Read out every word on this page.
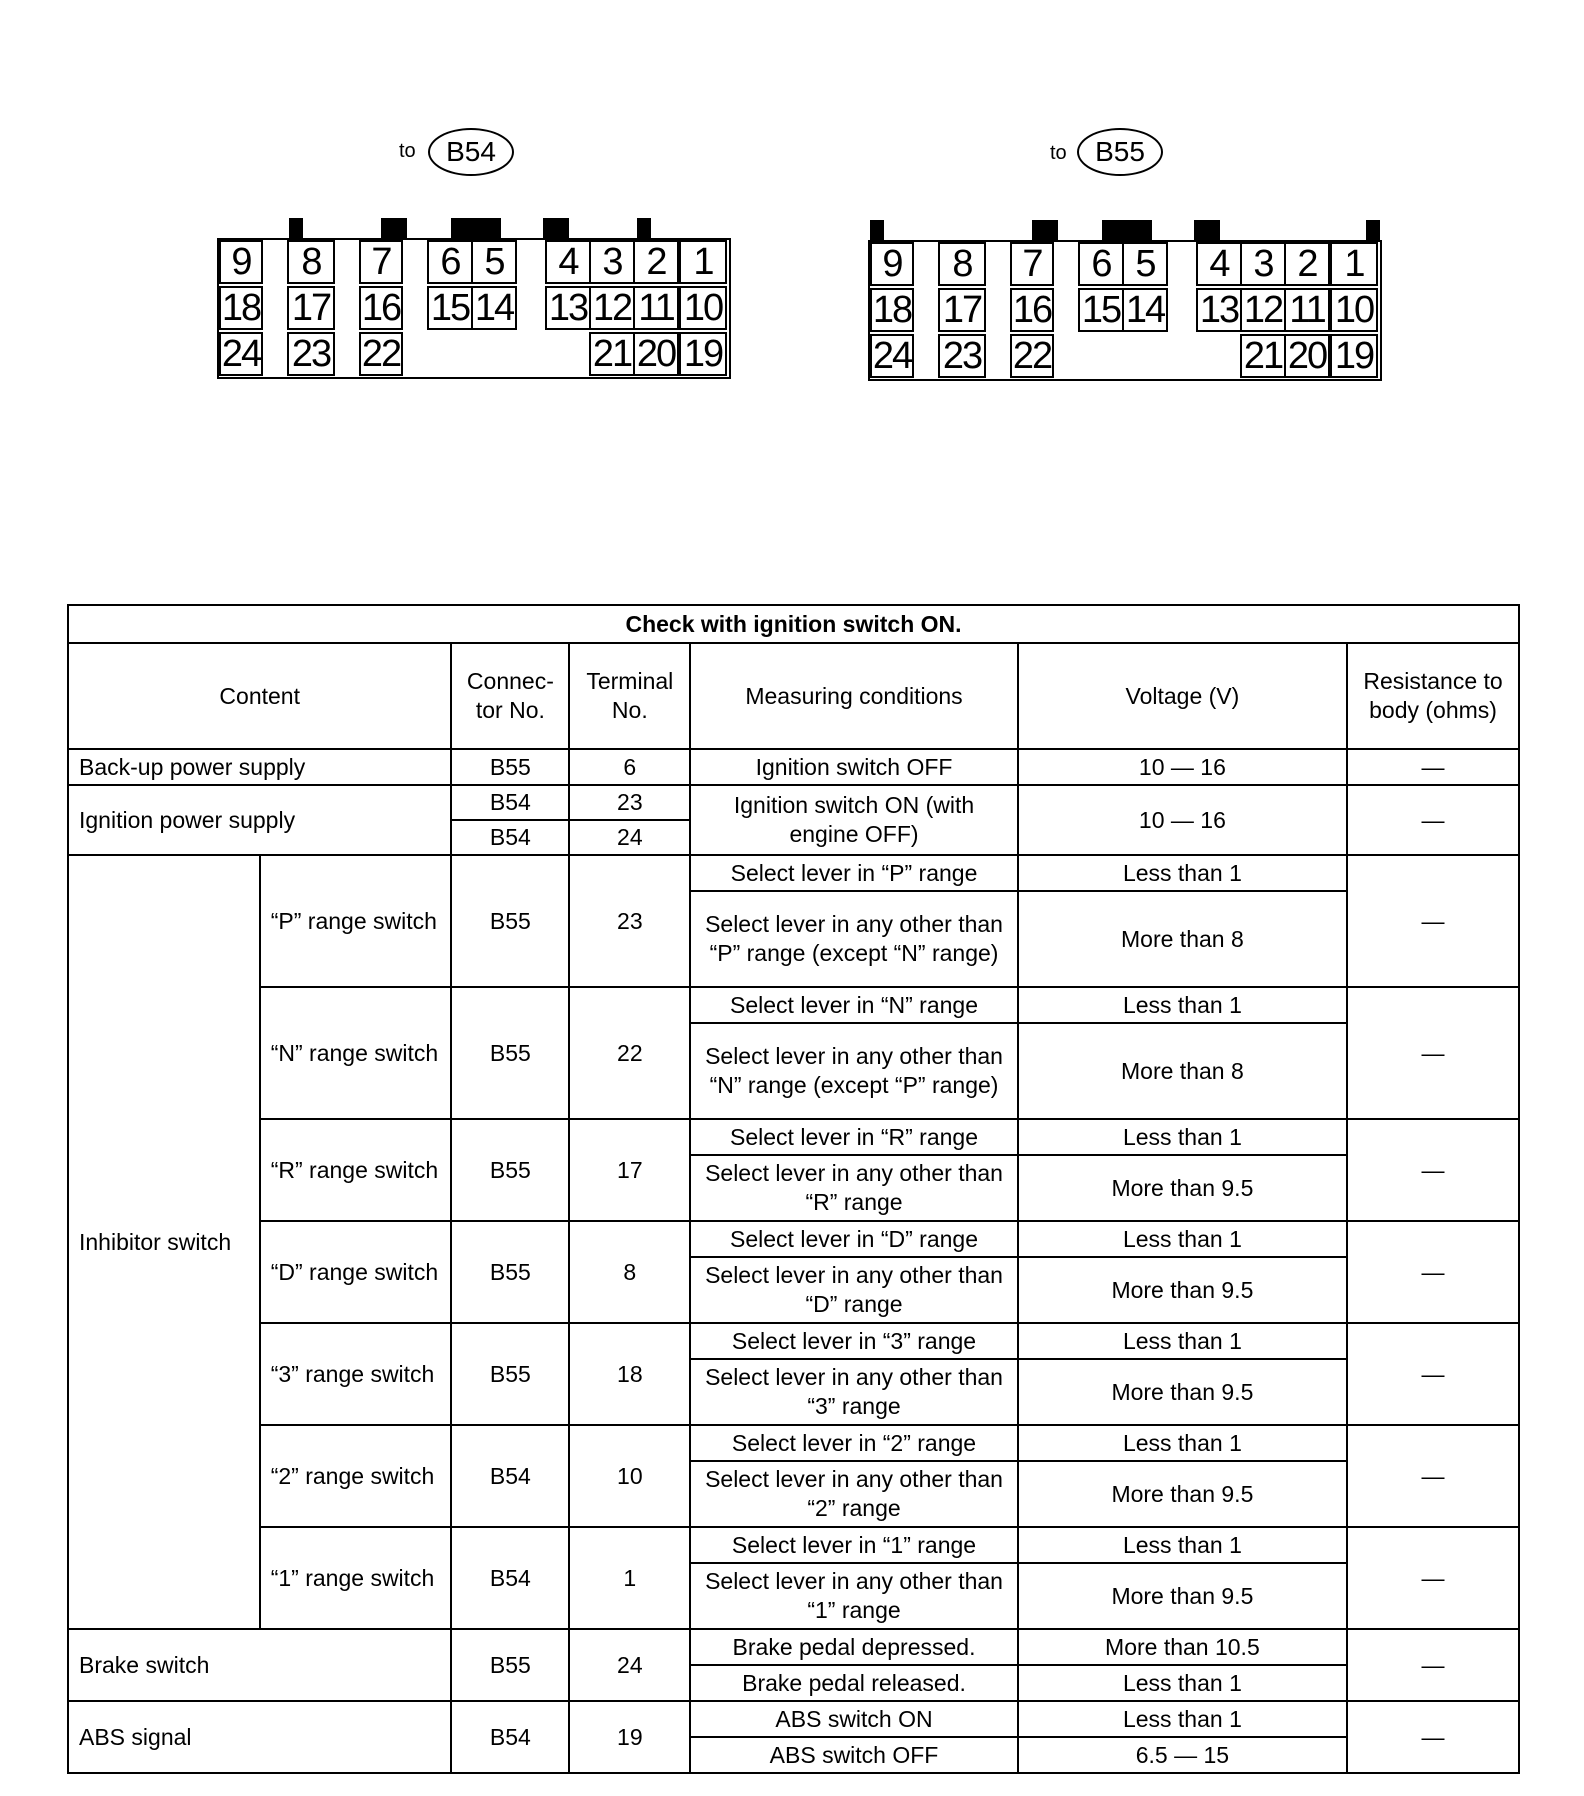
to	B54
9	8	7	6 5	4 3 2 1
18 17 16 15 14 13 12 11 10
24 23 22	21 20 19
to	B55
9	8	7	6 5	4 3 2 1
18 17 16 15 14 13 12 11 10
24 23 22	21 20 19
Check with ignition switch ON.						
Content		Connec- tor No.	Terminal No.	Measuring conditions	Voltage (V)	Resistance to body (ohms)
Back-up power supply		B55	6	Ignition switch OFF	10 — 16	—
Ignition power supply		B54	23	Ignition switch ON (with engine OFF)	10 — 16	—
		B54	24			
Inhibitor switch	“P” range switch	B55	23	Select lever in “P” range	Less than 1	—
				Select lever in any other than “P” range (except “N” range)	More than 8	
	“N” range switch	B55	22	Select lever in “N” range	Less than 1	—
				Select lever in any other than “N” range (except “P” range)	More than 8	
	“R” range switch	B55	17	Select lever in “R” range	Less than 1	—
				Select lever in any other than “R” range	More than 9.5	
	“D” range switch	B55	8	Select lever in “D” range	Less than 1	—
				Select lever in any other than “D” range	More than 9.5	
	“3” range switch	B55	18	Select lever in “3” range	Less than 1	—
				Select lever in any other than “3” range	More than 9.5	
	“2” range switch	B54	10	Select lever in “2” range	Less than 1	—
				Select lever in any other than “2” range	More than 9.5	
	“1” range switch	B54	1	Select lever in “1” range	Less than 1	—
				Select lever in any other than “1” range	More than 9.5	
Brake switch		B55	24	Brake pedal depressed.	More than 10.5	—
				Brake pedal released.	Less than 1	
ABS signal		B54	19	ABS switch ON	Less than 1	—
				ABS switch OFF	6.5 — 15	
